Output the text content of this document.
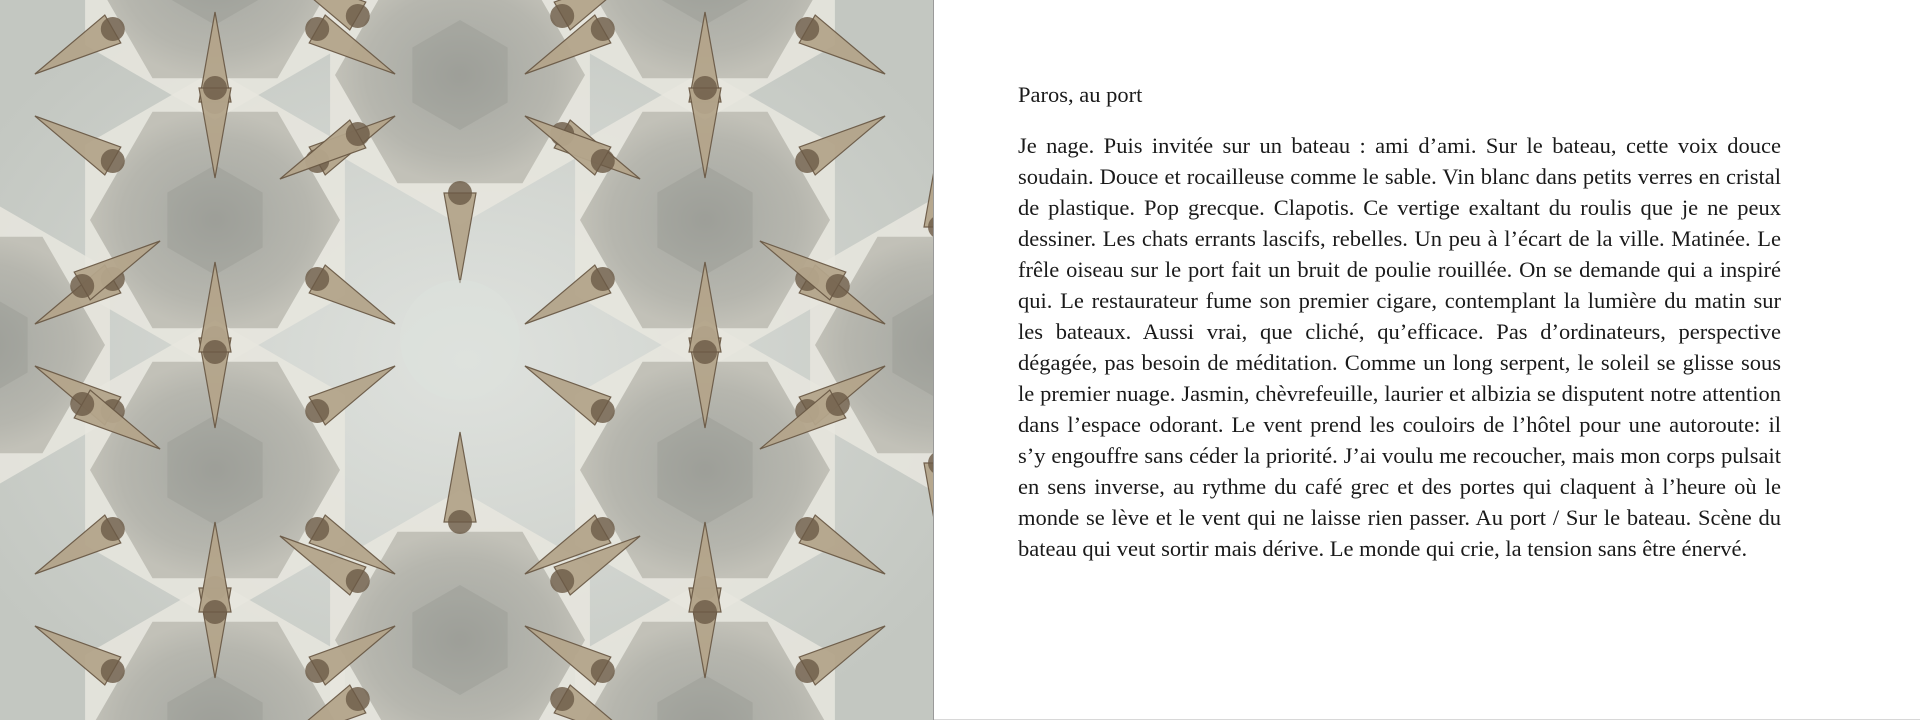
Paros, au port

Je nage. Puis invitée sur un bateau : ami d’ami. Sur le bateau, cette voix douce soudain. Douce et rocailleuse comme le sable. Vin blanc dans petits verres en cristal de plastique. Pop grecque. Clapotis. Ce vertige exaltant du roulis que je ne peux dessiner. Les chats errants lascifs, rebelles. Un peu à l’écart de la ville. Matinée. Le frêle oiseau sur le port fait un bruit de poulie rouillée. On se demande qui a inspiré qui. Le restaurateur fume son premier cigare, contemplant la lumière du matin sur les bateaux. Aussi vrai, que cliché, qu’efficace. Pas d’ordinateurs, perspective dégagée, pas besoin de méditation. Comme un long serpent, le soleil se glisse sous le premier nuage. Jasmin, chèvrefeuille, laurier et albizia se disputent notre attention dans l’espace odorant. Le vent prend les couloirs de l’hôtel pour une autoroute: il s’y engouffre sans céder la priorité. J’ai voulu me recoucher, mais mon corps pulsait en sens inverse, au rythme du café grec et des portes qui claquent à l’heure où le monde se lève et le vent qui ne laisse rien passer. Au port / Sur le bateau. Scène du bateau qui veut sortir mais dérive. Le monde qui crie, la tension sans être énervé.
